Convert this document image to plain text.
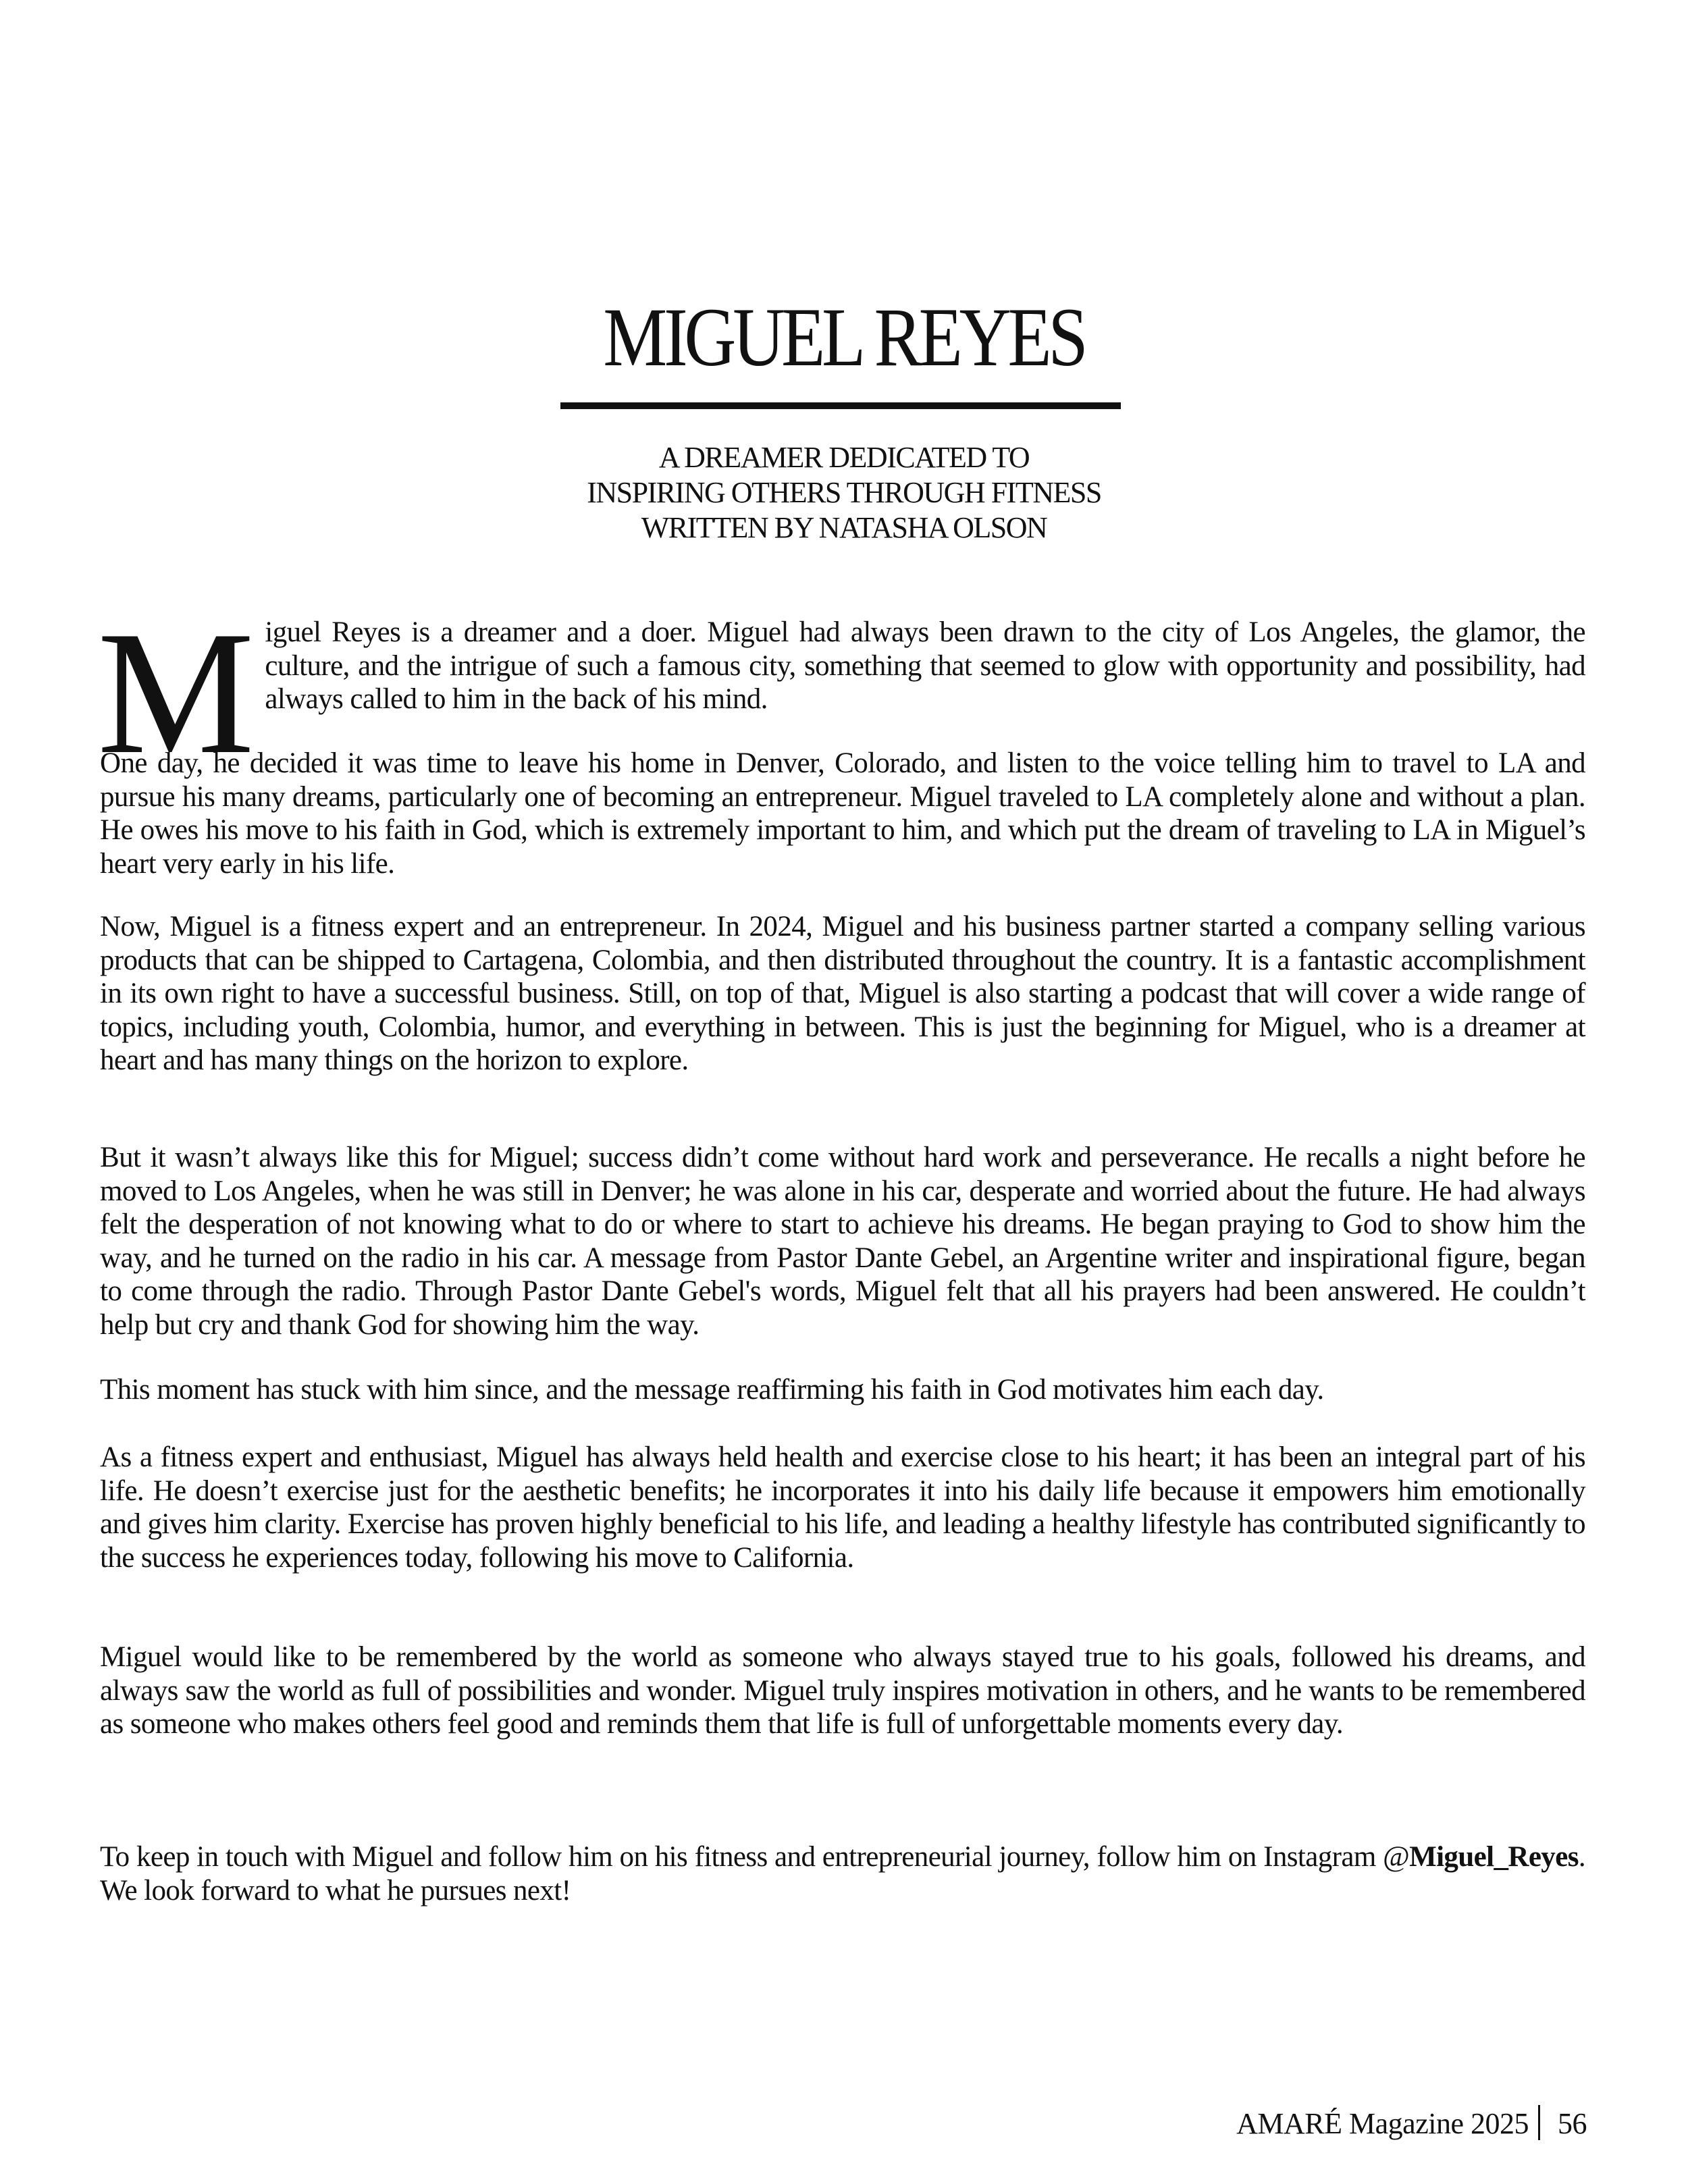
MIGUEL REYES
A DREAMER DEDICATED TO
INSPIRING OTHERS THROUGH FITNESS
WRITTEN BY NATASHA OLSON

Miguel Reyes is a dreamer and a doer. Miguel had always been drawn to the city of Los Angeles, the glamor, the culture, and the intrigue of such a famous city, something that seemed to glow with opportunity and possibility, had always called to him in the back of his mind.

One day, he decided it was time to leave his home in Denver, Colorado, and listen to the voice telling him to travel to LA and pursue his many dreams, particularly one of becoming an entrepreneur. Miguel traveled to LA completely alone and without a plan. He owes his move to his faith in God, which is extremely important to him, and which put the dream of traveling to LA in Miguel’s heart very early in his life.

Now, Miguel is a fitness expert and an entrepreneur. In 2024, Miguel and his business partner started a company selling various products that can be shipped to Cartagena, Colombia, and then distributed throughout the country. It is a fantastic accomplishment in its own right to have a successful business. Still, on top of that, Miguel is also starting a podcast that will cover a wide range of topics, including youth, Colombia, humor, and everything in between. This is just the beginning for Miguel, who is a dreamer at heart and has many things on the horizon to explore.

But it wasn’t always like this for Miguel; success didn’t come without hard work and perseverance. He recalls a night before he moved to Los Angeles, when he was still in Denver; he was alone in his car, desperate and worried about the future. He had always felt the desperation of not knowing what to do or where to start to achieve his dreams. He began praying to God to show him the way, and he turned on the radio in his car. A message from Pastor Dante Gebel, an Argentine writer and inspirational figure, began to come through the radio. Through Pastor Dante Gebel's words, Miguel felt that all his prayers had been answered. He couldn’t help but cry and thank God for showing him the way.

This moment has stuck with him since, and the message reaffirming his faith in God motivates him each day.

As a fitness expert and enthusiast, Miguel has always held health and exercise close to his heart; it has been an integral part of his life. He doesn’t exercise just for the aesthetic benefits; he incorporates it into his daily life because it empowers him emotionally and gives him clarity. Exercise has proven highly beneficial to his life, and leading a healthy lifestyle has contributed significantly to the success he experiences today, following his move to California.

Miguel would like to be remembered by the world as someone who always stayed true to his goals, followed his dreams, and always saw the world as full of possibilities and wonder. Miguel truly inspires motivation in others, and he wants to be remembered as someone who makes others feel good and reminds them that life is full of unforgettable moments every day.

To keep in touch with Miguel and follow him on his fitness and entrepreneurial journey, follow him on Instagram @Miguel_Reyes. We look forward to what he pursues next!

AMARÉ Magazine 2025 56
